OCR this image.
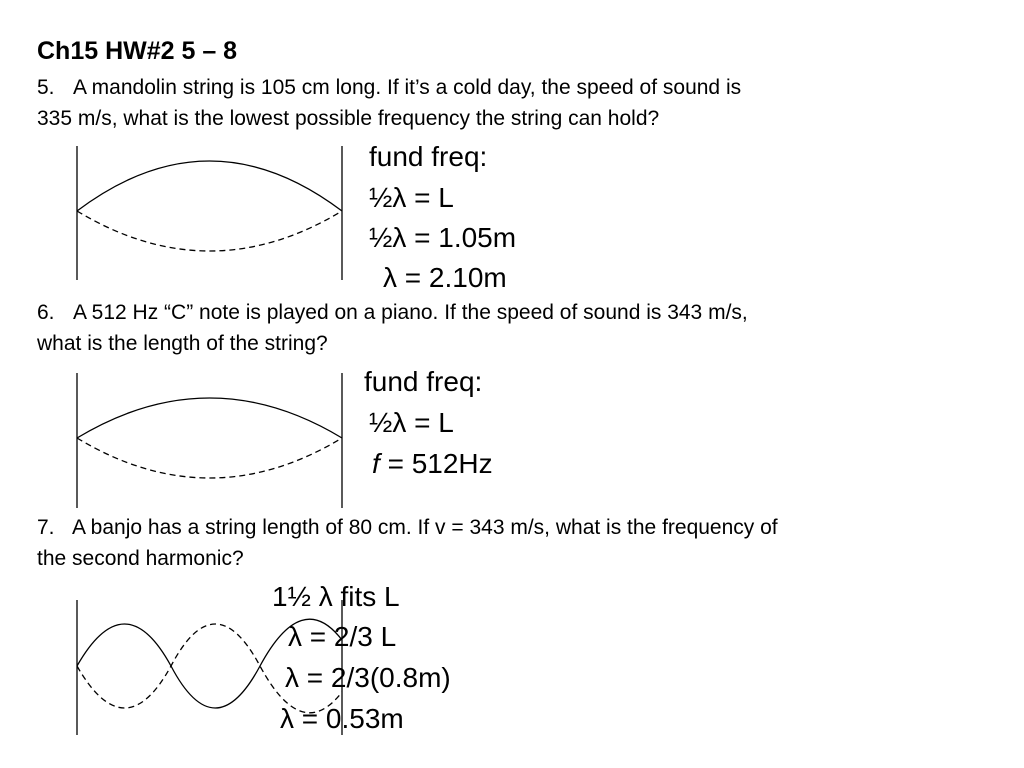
Ch15 HW#2 5 – 8
5. A mandolin string is 105 cm long. If it’s a cold day, the speed of sound is
335 m/s, what is the lowest possible frequency the string can hold?
fund freq:
½λ = L
½λ = 1.05m
λ = 2.10m
6. A 512 Hz “C” note is played on a piano. If the speed of sound is 343 m/s,
what is the length of the string?
fund freq:
½λ = L
f = 512Hz
7. A banjo has a string length of 80 cm. If v = 343 m/s, what is the frequency of
the second harmonic?
1½ λ fits L
λ = 2/3 L
λ = 2/3(0.8m)
λ = 0.53m
